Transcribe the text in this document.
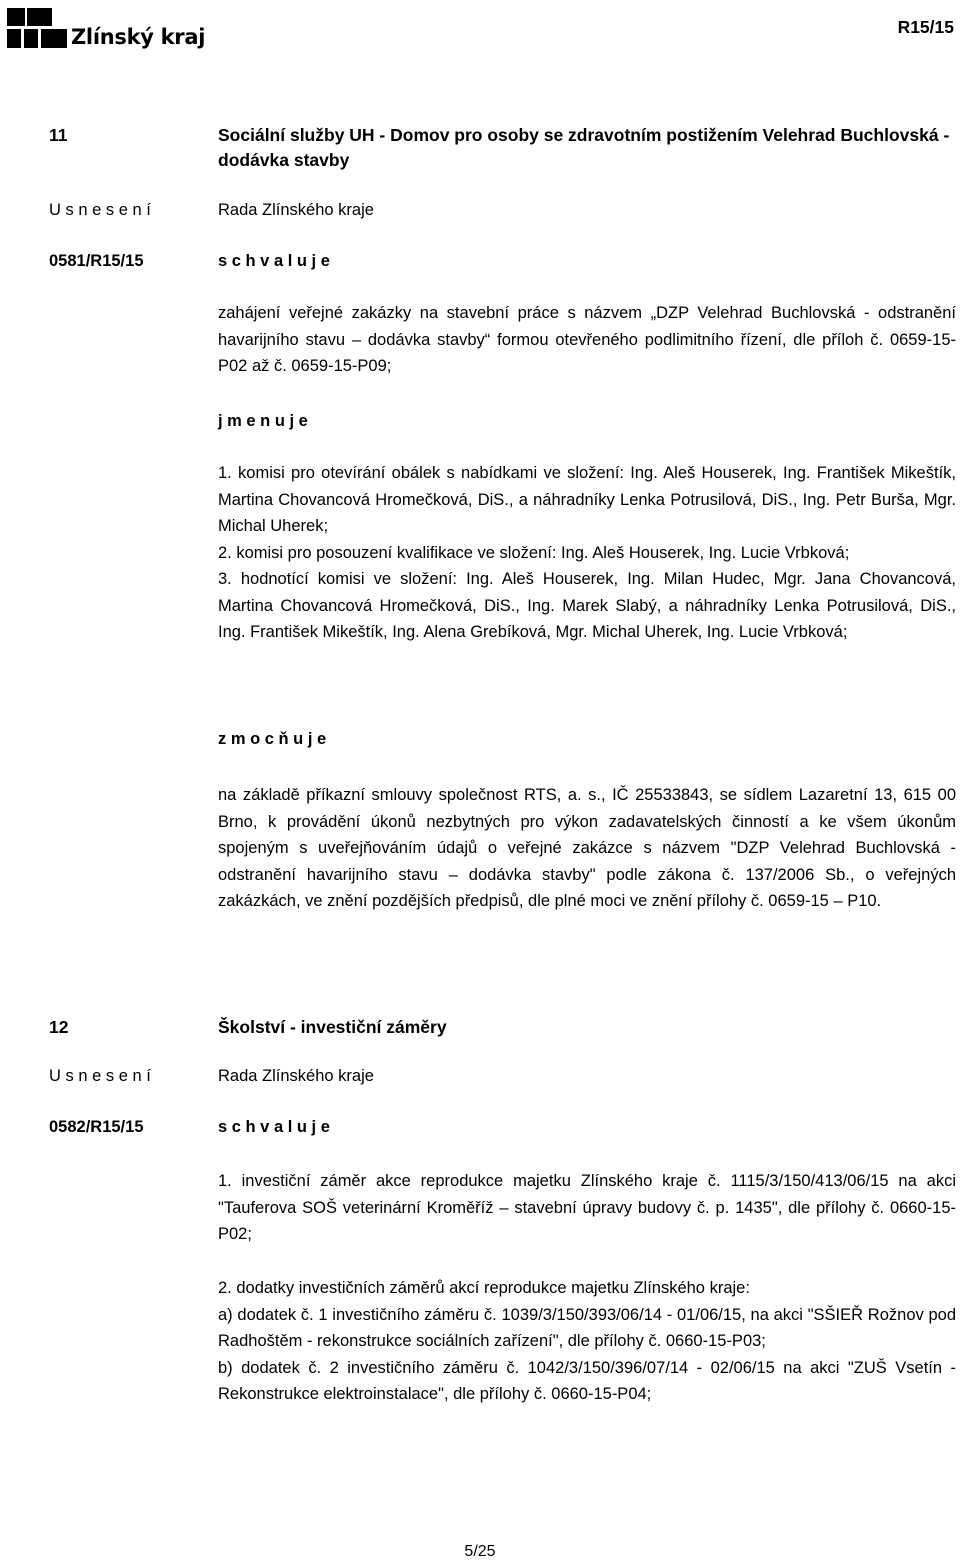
Zlínský kraj	R15/15
11	Sociální služby UH - Domov pro osoby se zdravotním postižením Velehrad Buchlovská - dodávka stavby
U s n e s e n í	Rada Zlínského kraje
0581/R15/15	s c h v a l u j e
zahájení veřejné zakázky na stavební práce s názvem „DZP Velehrad Buchlovská - odstranění havarijního stavu – dodávka stavby“ formou otevřeného podlimitního řízení, dle příloh č. 0659-15-P02 až č. 0659-15-P09;
j m e n u j e

1. komisi pro otevírání obálek s nabídkami ve složení: Ing. Aleš Houserek, Ing. František Mikeštík, Martina Chovancová Hromečková, DiS., a náhradníky Lenka Potrusilová, DiS., Ing. Petr Burša, Mgr. Michal Uherek;

2. komisi pro posouzení kvalifikace ve složení: Ing. Aleš Houserek, Ing. Lucie Vrbková;

3. hodnotící komisi ve složení: Ing. Aleš Houserek, Ing. Milan Hudec, Mgr. Jana Chovancová, Martina Chovancová Hromečková, DiS., Ing. Marek Slabý, a náhradníky Lenka Potrusilová, DiS., Ing. František Mikeštík, Ing. Alena Grebíková, Mgr. Michal Uherek, Ing. Lucie Vrbková;

z m o c ň u j e
na základě příkazní smlouvy společnost RTS, a. s., IČ 25533843, se sídlem Lazaretní 13, 615 00 Brno, k provádění úkonů nezbytných pro výkon zadavatelských činností a ke všem úkonům spojeným s uveřejňováním údajů o veřejné zakázce s názvem "DZP Velehrad Buchlovská - odstranění havarijního stavu – dodávka stavby" podle zákona č. 137/2006 Sb., o veřejných zakázkách, ve znění pozdějších předpisů, dle plné moci ve znění přílohy č. 0659-15 – P10.
12	Školství - investiční záměry
U s n e s e n í	Rada Zlínského kraje
0582/R15/15	s c h v a l u j e
1. investiční záměr akce reprodukce majetku Zlínského kraje č. 1115/3/150/413/06/15 na akci "Tauferova SOŠ veterinární Kroměříž – stavební úpravy budovy č. p. 1435", dle přílohy č. 0660-15-P02;

2. dodatky investičních záměrů akcí reprodukce majetku Zlínského kraje:

a) dodatek č. 1 investičního záměru č. 1039/3/150/393/06/14 - 01/06/15, na akci "SŠIEŘ Rožnov pod Radhoštěm - rekonstrukce sociálních zařízení", dle přílohy č. 0660-15-P03;

b) dodatek č. 2 investičního záměru č. 1042/3/150/396/07/14 - 02/06/15 na akci "ZUŠ Vsetín - Rekonstrukce elektroinstalace", dle přílohy č. 0660-15-P04;

5/25
